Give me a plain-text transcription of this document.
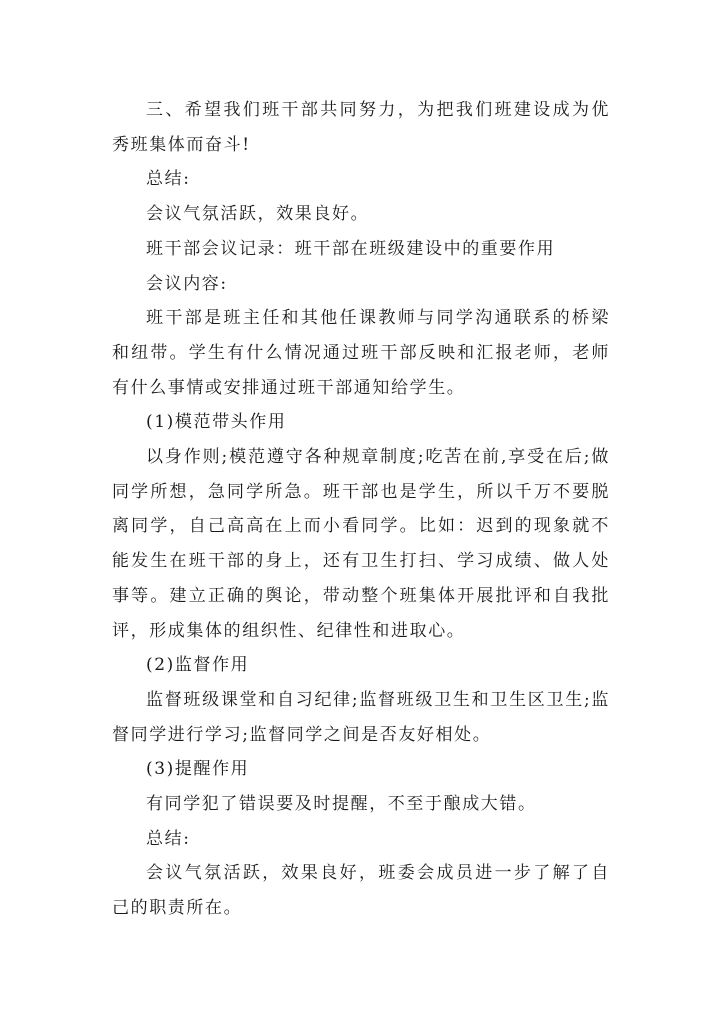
三、希望我们班干部共同努力，为把我们班建设成为优秀班集体而奋斗!

总结:

会议气氛活跃，效果良好。

班干部会议记录：班干部在班级建设中的重要作用

会议内容:

班干部是班主任和其他任课教师与同学沟通联系的桥梁和纽带。学生有什么情况通过班干部反映和汇报老师，老师有什么事情或安排通过班干部通知给学生。

(1)模范带头作用

以身作则;模范遵守各种规章制度;吃苦在前,享受在后;做同学所想，急同学所急。班干部也是学生，所以千万不要脱离同学，自己高高在上而小看同学。比如：迟到的现象就不能发生在班干部的身上，还有卫生打扫、学习成绩、做人处事等。建立正确的舆论，带动整个班集体开展批评和自我批评，形成集体的组织性、纪律性和进取心。

(2)监督作用

监督班级课堂和自习纪律;监督班级卫生和卫生区卫生;监督同学进行学习;监督同学之间是否友好相处。

(3)提醒作用

有同学犯了错误要及时提醒，不至于酿成大错。

总结:

会议气氛活跃，效果良好，班委会成员进一步了解了自己的职责所在。
